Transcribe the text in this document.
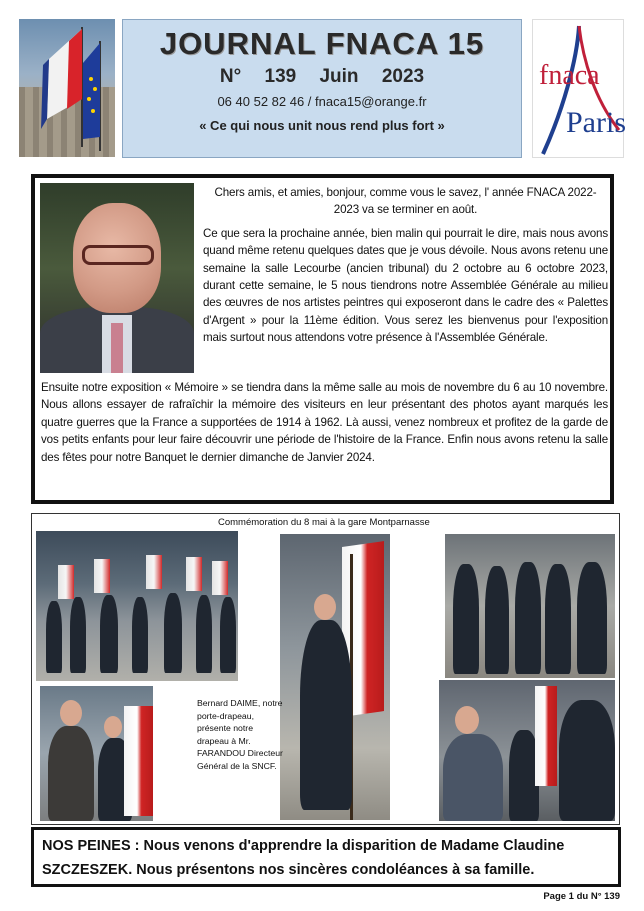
JOURNAL FNACA 15
N° 139 Juin 2023
06 40 52 82 46 / fnaca15@orange.fr
« Ce qui nous unit nous rend plus fort »
fnaca
Paris

Chers amis, et amies, bonjour, comme vous le savez, l' année FNACA 2022-2023 va se terminer en août.

Ce que sera la prochaine année, bien malin qui pourrait le dire, mais nous avons quand même retenu quelques dates que je vous dévoile. Nous avons retenu une semaine la salle Lecourbe (ancien tribunal) du 2 octobre au 6 octobre 2023, durant cette semaine, le 5 nous tiendrons notre Assemblée Générale au milieu des œuvres de nos artistes peintres qui exposeront dans le cadre des « Palettes d'Argent » pour la 11ème édition. Vous serez les bienvenus pour l'exposition mais surtout nous attendons votre présence à l'Assemblée Générale.

Ensuite notre exposition « Mémoire » se tiendra dans la même salle au mois de novembre du 6 au 10 novembre. Nous allons essayer de rafraîchir la mémoire des visiteurs en leur présentant des photos ayant marqués les quatre guerres que la France a supportées de 1914 à 1962. Là aussi, venez nombreux et profitez de la garde de vos petits enfants pour leur faire découvrir une période de l'histoire de la France. Enfin nous avons retenu la salle des fêtes pour notre Banquet le dernier dimanche de Janvier 2024.

Commémoration du 8 mai à la gare Montparnasse
Bernard DAIME, notre porte-drapeau, présente notre drapeau à Mr. FARANDOU Directeur Général de la SNCF.

NOS PEINES : Nous venons d'apprendre la disparition de Madame Claudine SZCZESZEK. Nous présentons nos sincères condoléances à sa famille.

Page 1 du N° 139
